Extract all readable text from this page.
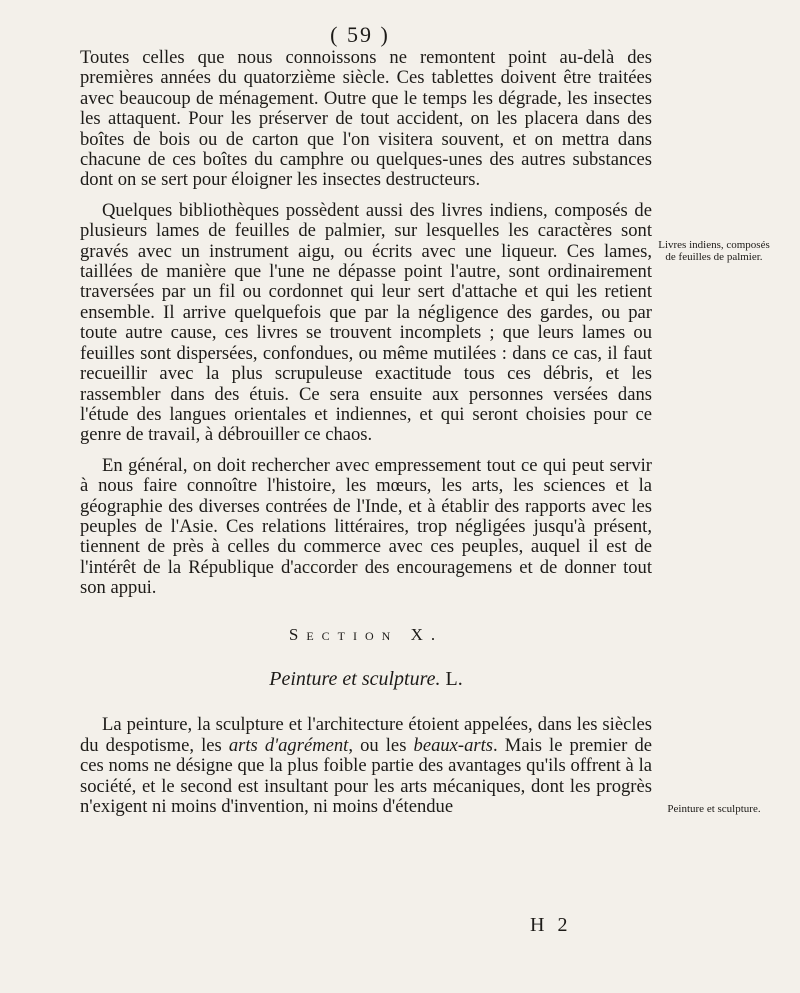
( 59 )

Toutes celles que nous connoissons ne remontent point au-delà des premières années du quatorzième siècle. Ces tablettes doivent être traitées avec beaucoup de ménagement. Outre que le temps les dégrade, les insectes les attaquent. Pour les préserver de tout accident, on les placera dans des boîtes de bois ou de carton que l'on visitera souvent, et on mettra dans chacune de ces boîtes du camphre ou quelques-unes des autres substances dont on se sert pour éloigner les insectes destructeurs.

Quelques bibliothèques possèdent aussi des livres indiens, composés de plusieurs lames de feuilles de palmier, sur lesquelles les caractères sont gravés avec un instrument aigu, ou écrits avec une liqueur. Ces lames, taillées de manière que l'une ne dépasse point l'autre, sont ordinairement traversées par un fil ou cordonnet qui leur sert d'attache et qui les retient ensemble. Il arrive quelquefois que par la négligence des gardes, ou par toute autre cause, ces livres se trouvent incomplets ; que leurs lames ou feuilles sont dispersées, confondues, ou même mutilées : dans ce cas, il faut recueillir avec la plus scrupuleuse exactitude tous ces débris, et les rassembler dans des étuis. Ce sera ensuite aux personnes versées dans l'étude des langues orientales et indiennes, et qui seront choisies pour ce genre de travail, à débrouiller ce chaos.

En général, on doit rechercher avec empressement tout ce qui peut servir à nous faire connoître l'histoire, les mœurs, les arts, les sciences et la géographie des diverses contrées de l'Inde, et à établir des rapports avec les peuples de l'Asie. Ces relations littéraires, trop négligées jusqu'à présent, tiennent de près à celles du commerce avec ces peuples, auquel il est de l'intérêt de la République d'accorder des encouragemens et de donner tout son appui.

Section X.
Peinture et sculpture. L.

La peinture, la sculpture et l'architecture étoient appelées, dans les siècles du despotisme, les arts d'agrément, ou les beaux-arts. Mais le premier de ces noms ne désigne que la plus foible partie des avantages qu'ils offrent à la société, et le second est insultant pour les arts mécaniques, dont les progrès n'exigent ni moins d'invention, ni moins d'étendue

Livres indiens, composés de feuilles de palmier.
Peinture et sculpture.
H 2
